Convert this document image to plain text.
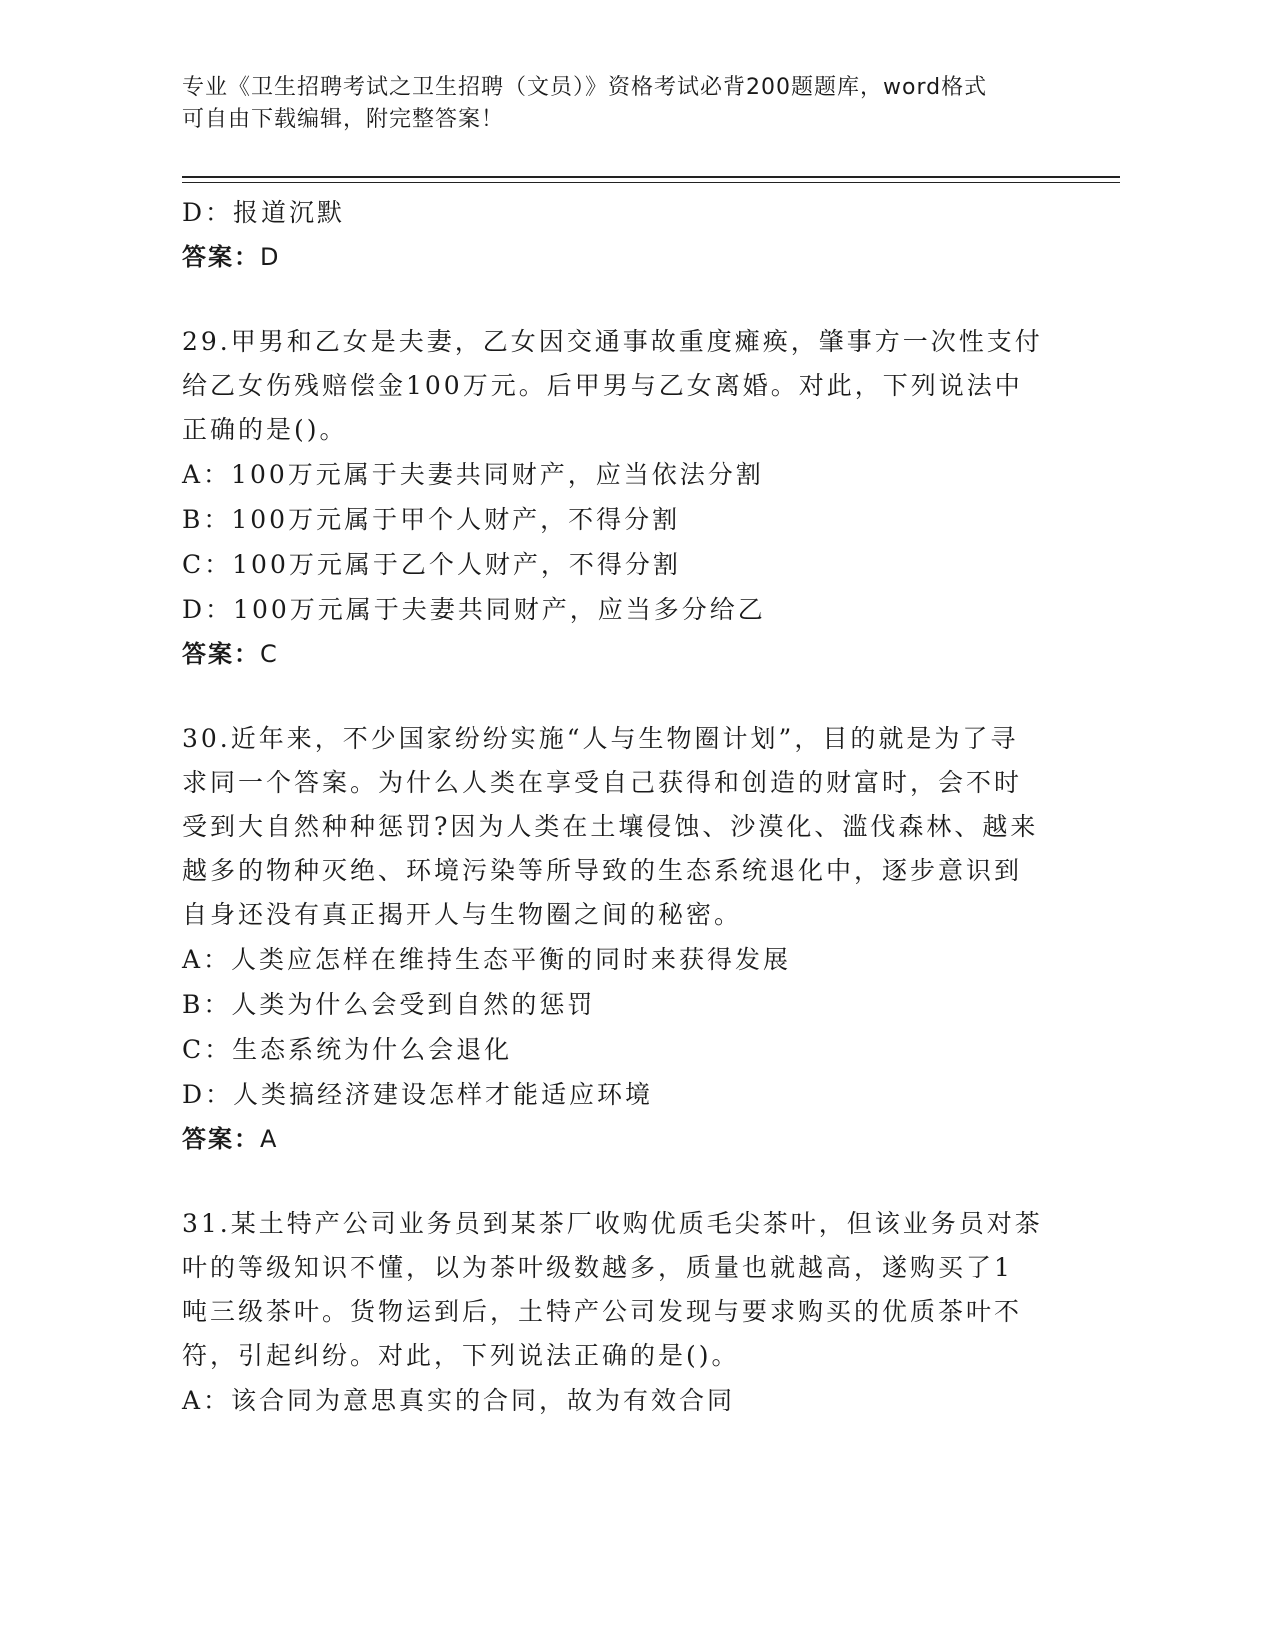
专业《卫生招聘考试之卫生招聘（文员）》资格考试必背200题题库，word格式
可自由下载编辑，附完整答案！
D：报道沉默
答案：D
29.甲男和乙女是夫妻，乙女因交通事故重度瘫痪，肇事方一次性支付
给乙女伤残赔偿金100万元。后甲男与乙女离婚。对此，下列说法中
正确的是()。
A：100万元属于夫妻共同财产，应当依法分割
B：100万元属于甲个人财产，不得分割
C：100万元属于乙个人财产，不得分割
D：100万元属于夫妻共同财产，应当多分给乙
答案：C
30.近年来，不少国家纷纷实施“人与生物圈计划”，目的就是为了寻
求同一个答案。为什么人类在享受自己获得和创造的财富时，会不时
受到大自然种种惩罚?因为人类在土壤侵蚀、沙漠化、滥伐森林、越来
越多的物种灭绝、环境污染等所导致的生态系统退化中，逐步意识到
自身还没有真正揭开人与生物圈之间的秘密。
A：人类应怎样在维持生态平衡的同时来获得发展
B：人类为什么会受到自然的惩罚
C：生态系统为什么会退化
D：人类搞经济建设怎样才能适应环境
答案：A
31.某土特产公司业务员到某茶厂收购优质毛尖茶叶，但该业务员对茶
叶的等级知识不懂，以为茶叶级数越多，质量也就越高，遂购买了1
吨三级茶叶。货物运到后，土特产公司发现与要求购买的优质茶叶不
符，引起纠纷。对此，下列说法正确的是()。
A：该合同为意思真实的合同，故为有效合同
